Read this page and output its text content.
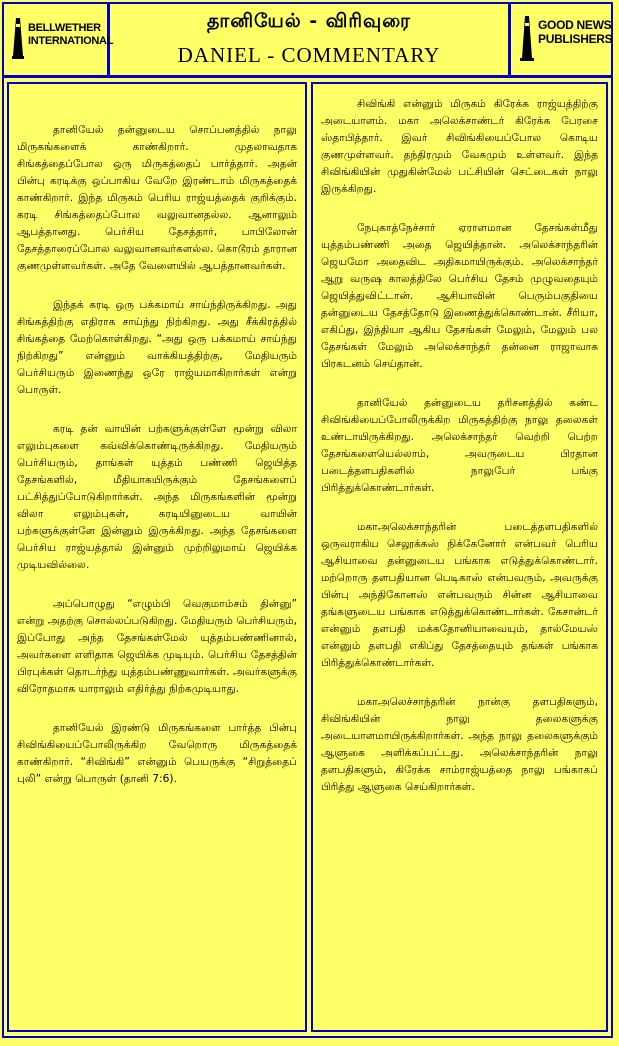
BELLWETHER
INTERNATIONAL
தானியேல் - விரிவுரை
DANIEL - COMMENTARY
GOOD NEWS
PUBLISHERS

தானியேல் தன்னுடைய சொப்பனத்தில் நாலு மிருகங்களைக் காண்கிறார். முதலாவதாக சிங்கத்தைப்போல ஒரு மிருகத்தைப் பார்த்தார். அதன் பின்பு கரடிக்கு ஒப்பாகிய வேறே இரண்டாம் மிருகத்தைக் காண்கிறார். இந்த மிருகம் பெரிய ராஜ்யத்தைக் குறிக்கும். கரடி சிங்கத்தைப்போல வலுவானதல்ல. ஆனாலும் ஆபத்தானது. பெர்சிய தேசத்தார், பாபிலோன் தேசத்தாரைப்போல வலுவானவர்களல்ல. கொடூரம் தாரான குணமுள்ளவர்கள். அதே வேளையில் ஆபத்தானவர்கள்.

இந்தக் கரடி ஒரு பக்கமாய் சாய்ந்திருக்கிறது. அது சிங்கத்திற்கு எதிராக சாய்ந்து நிற்கிறது. அது சீக்கிரத்தில் சிங்கத்தை மேற்கொள்கிறது. “அது ஒரு பக்கமாய் சாய்ந்து நிற்கிறது” என்னும் வாக்கியத்திற்கு, மேதியரும் பெர்சியரும் இணைந்து ஒரே ராஜ்யமாகிறார்கள் என்று பொருள்.

கரடி தன் வாயின் பற்களுக்குள்ளே மூன்று விலா எலும்புகளை கவ்விக்கொண்டிருக்கிறது. மேதியரும் பெர்சியரும், தாங்கள் யுத்தம் பண்ணி ஜெயித்த தேசங்களில், மீதியாகயிருக்கும் தேசங்களைப் பட்சித்துப்போடுகிறார்கள். அந்த மிருகங்களின் மூன்று விலா எலும்புகள், கரடியினுடைய வாயின் பற்களுக்குள்ளே இன்னும் இருக்கிறது. அந்த தேசங்களை பெர்சிய ராஜ்யத்தால் இன்னும் முற்றிலுமாய் ஜெயிக்க முடியவில்லை.

அப்பொழுது “எழும்பி வெகுமாம்சம் தின்னு” என்று அதற்கு சொல்லப்படுகிறது. மேதியரும் பெர்சியரும், இப்போது அந்த தேசங்கள்மேல் யுத்தம்பண்ணினால், அவர்களை எளிதாக ஜெயிக்க முடியும். பெர்சிய தேசத்தின் பிரபுக்கள் தொடர்ந்து யுத்தம்பண்ணுவார்கள். அவர்களுக்கு விரோதமாக யாராலும் எதிர்த்து நிற்கமுடியாது.

தானியேல் இரண்டு மிருகங்களை பார்த்த பின்பு சிவிங்கியைப்போலிருக்கிற வேறொரு மிருகத்தைக் காண்கிறார். “சிவிங்கி” என்னும் பெயருக்கு “சிறுத்தைப் புலி” என்று பொருள் (தானி 7:6).

சிவிங்கி என்னும் மிருகம் கிரேக்க ராஜ்யத்திற்கு அடையாளம். மகா அலெக்சாண்டர் கிரேக்க பேரசை ஸ்தாபித்தார். இவர் சிவிங்கியைப்போல கொடிய குணமுள்ளவர். தந்திரமும் வேகமும் உள்ளவர். இந்த சிவிங்கியின் முதுகின்மேல் பட்சியின் செட்டைகள் நாலு இருக்கிறது.

நேபுகாத்நேச்சார் ஏராளமான தேசங்கள்மீது யுத்தம்பண்ணி அதை ஜெயித்தான். அலெக்சாந்தரின் ஜெயமோ அதைவிட அதிகமாயிருக்கும். அலெக்சாந்தர் ஆறு வருஷ காலத்திலே பெர்சிய தேசம் முழுவதையும் ஜெயித்துவிட்டான். ஆசியாவின் பெரும்பகுதியை தன்னுடைய தேசத்தோடு இணைத்துக்கொண்டான். சீரியா, எகிப்து, இந்தியா ஆகிய தேசங்கள் மேலும், மேலும் பல தேசங்கள் மேலும் அலெக்சாந்தர் தன்னை ராஜாவாக பிரகடனம் செய்தான்.

தானியேல் தன்னுடைய தரிசனத்தில் கண்ட சிவிங்கியைப்போலிருக்கிற மிருகத்திற்கு நாலு தலைகள் உண்டாயிருக்கிறது. அலெக்சாந்தர் வெற்றி பெற்ற தேசங்களையெல்லாம், அவருடைய பிரதான படைத்தளபதிகளில் நாலுபேர் பங்கு பிரித்துக்கொண்டார்கள்.

மகாஅலெக்சாந்தரின் படைத்தளபதிகளில் ஒருவராகிய செலூக்கஸ் நிக்கேனோர் என்பவர் பெரிய ஆசியாவை தன்னுடைய பங்காக எடுத்துக்கொண்டார். மற்றொரு தளபதியான பெடிகாஸ் என்பவரும், அவருக்கு பின்பு அந்திகோனஸ் என்பவரும் சின்ன ஆசியாவை தங்களுடைய பங்காக எடுத்துக்கொண்டார்கள். கேசான்டர் என்னும் தளபதி மக்கதோனியாவையும், தால்மேயஸ் என்னும் தளபதி எகிப்து தேசத்தையும் தங்கள் பங்காக பிரித்துக்கொண்டார்கள்.

மகாஅலெச்சாந்தரின் நான்கு தளபதிகளும், சிவிங்கியின் நாலு தலைகளுக்கு அடையாளமாயிருக்கிறார்கள். அந்த நாலு தலைகளுக்கும் ஆளுகை அளிக்கப்பட்டது. அலெக்சாந்தரின் நாலு தளபதிகளும், கிரேக்க சாம்ராஜ்யத்தை நாலு பங்காகப் பிரித்து ஆளுகை செய்கிறார்கள்.
